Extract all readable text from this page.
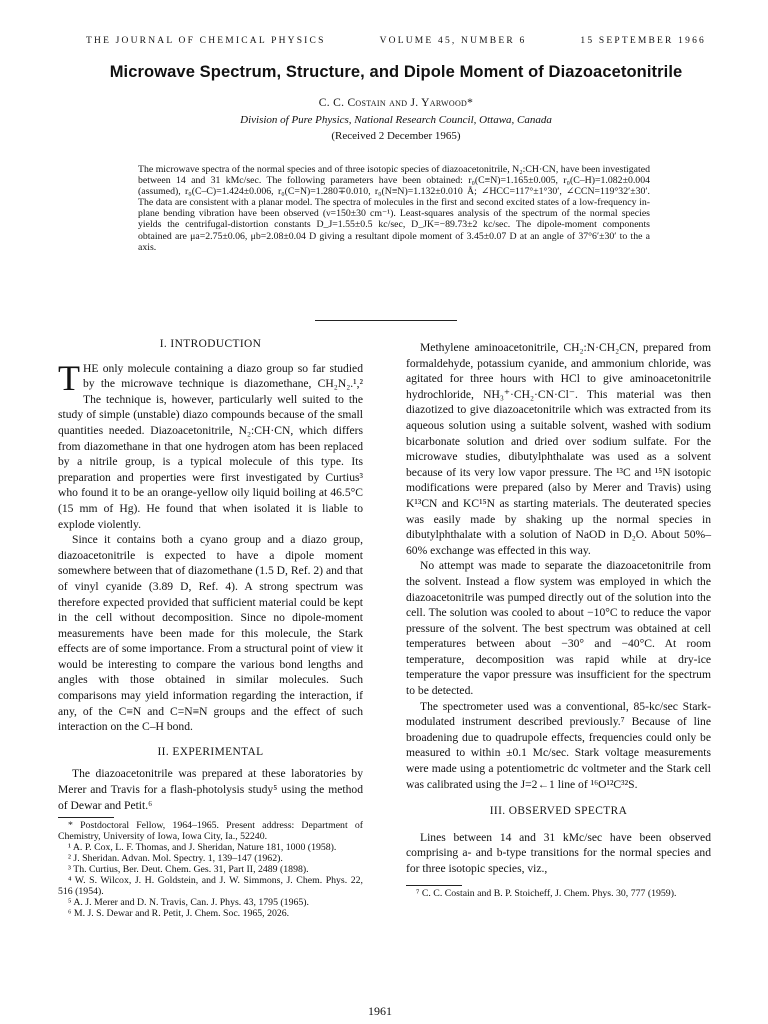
THE JOURNAL OF CHEMICAL PHYSICS	VOLUME 45, NUMBER 6	15 SEPTEMBER 1966
Microwave Spectrum, Structure, and Dipole Moment of Diazoacetonitrile
C. C. Costain and J. Yarwood*
Division of Pure Physics, National Research Council, Ottawa, Canada
(Received 2 December 1965)
The microwave spectra of the normal species and of three isotopic species of diazoacetonitrile, N₂:CH·CN, have been investigated between 14 and 31 kMc/sec. The following parameters have been obtained: r₀(C≡N)=1.165±0.005, r₀(C–H)=1.082±0.004 (assumed), r₀(C–C)=1.424±0.006, r₀(C=N)=1.280∓0.010, r₀(N≡N)=1.132±0.010 Å; ∠HCC=117°±1°30′, ∠CCN=119°32′±30′. The data are consistent with a planar model. The spectra of molecules in the first and second excited states of a low-frequency in-plane bending vibration have been observed (ν=150±30 cm⁻¹). Least-squares analysis of the spectrum of the normal species yields the centrifugal-distortion constants D_J=1.55±0.5 kc/sec, D_JK=−89.73±2 kc/sec. The dipole-moment components obtained are μa=2.75±0.06, μb=2.08±0.04 D giving a resultant dipole moment of 3.45±0.07 D at an angle of 37°6′±30′ to the a axis.
I. INTRODUCTION

THE only molecule containing a diazo group so far studied by the microwave technique is diazomethane, CH₂N₂.¹,² The technique is, however, particularly well suited to the study of simple (unstable) diazo compounds because of the small quantities needed. Diazoacetonitrile, N₂:CH·CN, which differs from diazomethane in that one hydrogen atom has been replaced by a nitrile group, is a typical molecule of this type. Its preparation and properties were first investigated by Curtius³ who found it to be an orange-yellow oily liquid boiling at 46.5°C (15 mm of Hg). He found that when isolated it is liable to explode violently.

Since it contains both a cyano group and a diazo group, diazoacetonitrile is expected to have a dipole moment somewhere between that of diazomethane (1.5 D, Ref. 2) and that of vinyl cyanide (3.89 D, Ref. 4). A strong spectrum was therefore expected provided that sufficient material could be kept in the cell without decomposition. Since no dipole-moment measurements have been made for this molecule, the Stark effects are of some importance. From a structural point of view it would be interesting to compare the various bond lengths and angles with those obtained in similar molecules. Such comparisons may yield information regarding the interaction, if any, of the C≡N and C=N≡N groups and the effect of such interaction on the C–H bond.

II. EXPERIMENTAL

The diazoacetonitrile was prepared at these laboratories by Merer and Travis for a flash-photolysis study⁵ using the method of Dewar and Petit.⁶

* Postdoctoral Fellow, 1964–1965. Present address: Department of Chemistry, University of Iowa, Iowa City, Ia., 52240.
¹ A. P. Cox, L. F. Thomas, and J. Sheridan, Nature 181, 1000 (1958).
² J. Sheridan. Advan. Mol. Spectry. 1, 139–147 (1962).
³ Th. Curtius, Ber. Deut. Chem. Ges. 31, Part II, 2489 (1898).
⁴ W. S. Wilcox, J. H. Goldstein, and J. W. Simmons, J. Chem. Phys. 22, 516 (1954).
⁵ A. J. Merer and D. N. Travis, Can. J. Phys. 43, 1795 (1965).
⁶ M. J. S. Dewar and R. Petit, J. Chem. Soc. 1965, 2026.

Methylene aminoacetonitrile, CH₂:N·CH₂CN, prepared from formaldehyde, potassium cyanide, and ammonium chloride, was agitated for three hours with HCl to give aminoacetonitrile hydrochloride, NH₃⁺·CH₂·CN·Cl⁻. This material was then diazotized to give diazoacetonitrile which was extracted from its aqueous solution using a suitable solvent, washed with sodium bicarbonate solution and dried over sodium sulfate. For the microwave studies, dibutylphthalate was used as a solvent because of its very low vapor pressure. The ¹³C and ¹⁵N isotopic modifications were prepared (also by Merer and Travis) using K¹³CN and KC¹⁵N as starting materials. The deuterated species was easily made by shaking up the normal species in dibutylphthalate with a solution of NaOD in D₂O. About 50%–60% exchange was effected in this way.

No attempt was made to separate the diazoacetonitrile from the solvent. Instead a flow system was employed in which the diazoacetonitrile was pumped directly out of the solution into the cell. The solution was cooled to about −10°C to reduce the vapor pressure of the solvent. The best spectrum was obtained at cell temperatures between about −30° and −40°C. At room temperature, decomposition was rapid while at dry-ice temperature the vapor pressure was insufficient for the spectrum to be detected.

The spectrometer used was a conventional, 85-kc/sec Stark-modulated instrument described previously.⁷ Because of line broadening due to quadrupole effects, frequencies could only be measured to within ±0.1 Mc/sec. Stark voltage measurements were made using a potentiometric dc voltmeter and the Stark cell was calibrated using the J=2←1 line of ¹⁶O¹²C³²S.

III. OBSERVED SPECTRA

Lines between 14 and 31 kMc/sec have been observed comprising a- and b-type transitions for the normal species and for three isotopic species, viz.,

⁷ C. C. Costain and B. P. Stoicheff, J. Chem. Phys. 30, 777 (1959).
1961
